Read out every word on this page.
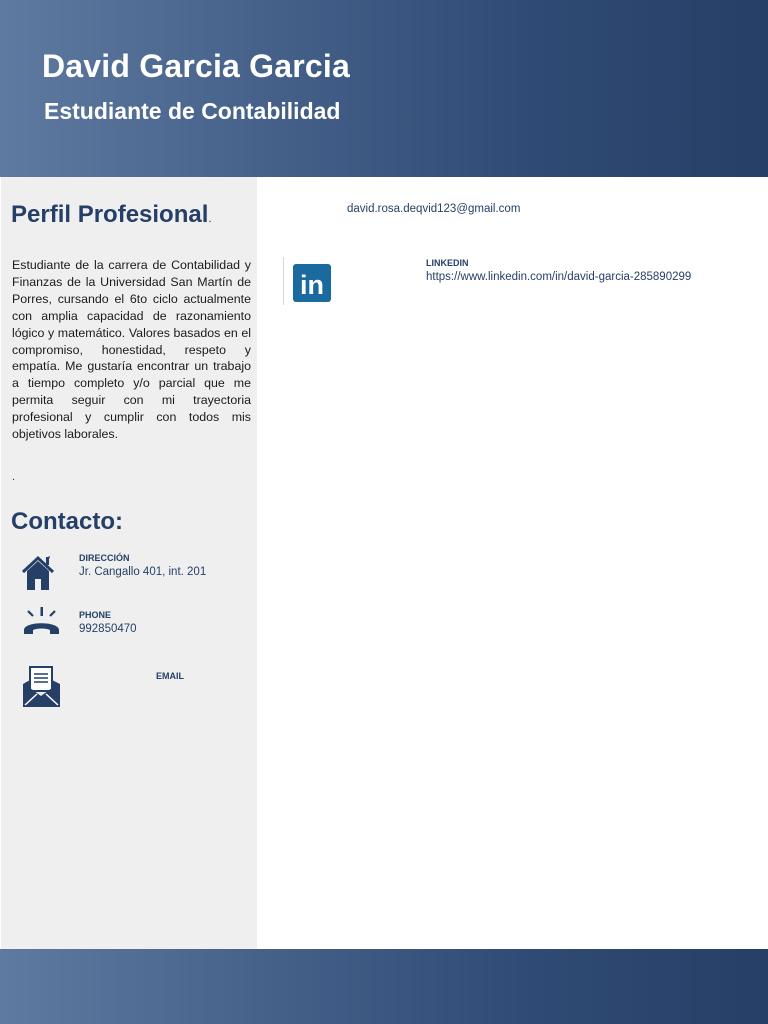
David Garcia Garcia
Estudiante de Contabilidad
Perfil Profesional.
Estudiante de la carrera de Contabilidad y Finanzas de la Universidad San Martín de Porres, cursando el 6to ciclo actualmente con amplia capacidad de razonamiento lógico y matemático. Valores basados en el compromiso, honestidad, respeto y empatía. Me gustaría encontrar un trabajo a tiempo completo y/o parcial que me permita seguir con mi trayectoria profesional y cumplir con todos mis objetivos laborales.
.
Contacto:
DIRECCIÓN
Jr. Cangallo 401, int. 201
PHONE
992850470
EMAIL
david.rosa.deqvid123@gmail.com
in
LINKEDIN
https://www.linkedin.com/in/david-garcia-285890299
